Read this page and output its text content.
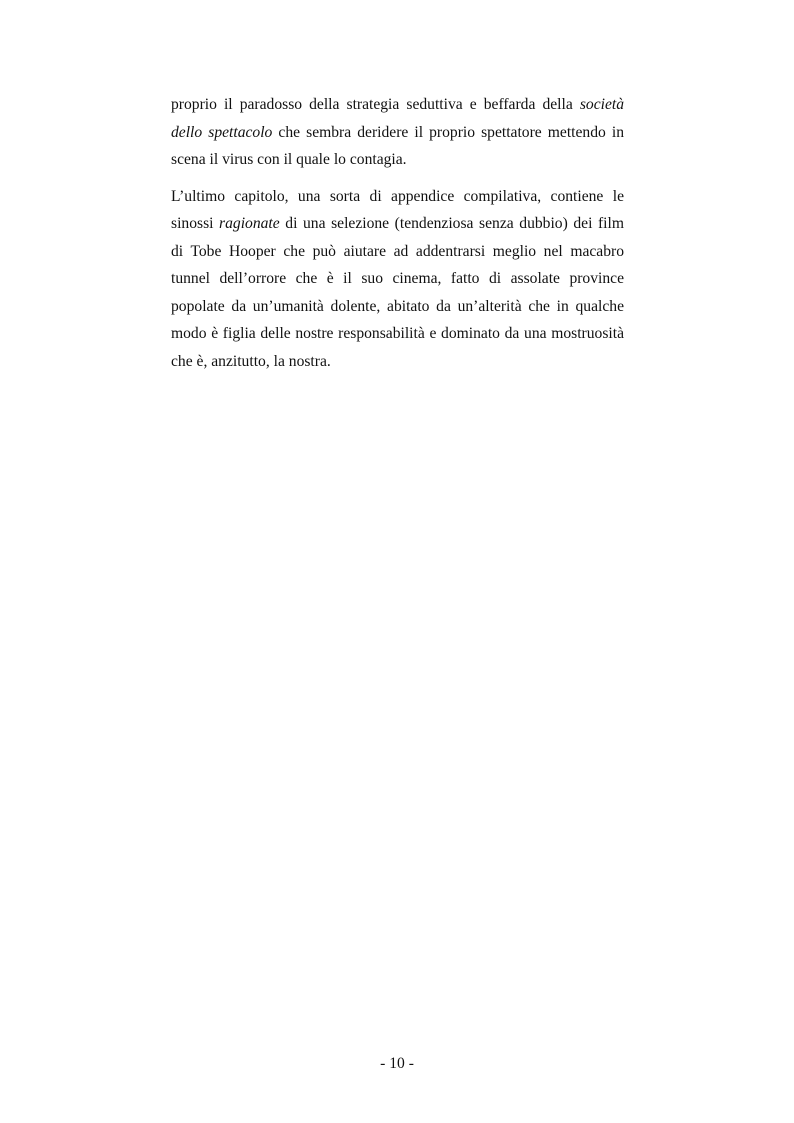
proprio il paradosso della strategia seduttiva e beffarda della società dello spettacolo che sembra deridere il proprio spettatore mettendo in scena il virus con il quale lo contagia.

L’ultimo capitolo, una sorta di appendice compilativa, contiene le sinossi ragionate di una selezione (tendenziosa senza dubbio) dei film di Tobe Hooper che può aiutare ad addentrarsi meglio nel macabro tunnel dell’orrore che è il suo cinema, fatto di assolate province popolate da un’umanità dolente, abitato da un’alterità che in qualche modo è figlia delle nostre responsabilità e dominato da una mostruosità che è, anzitutto, la nostra.

- 10 -
